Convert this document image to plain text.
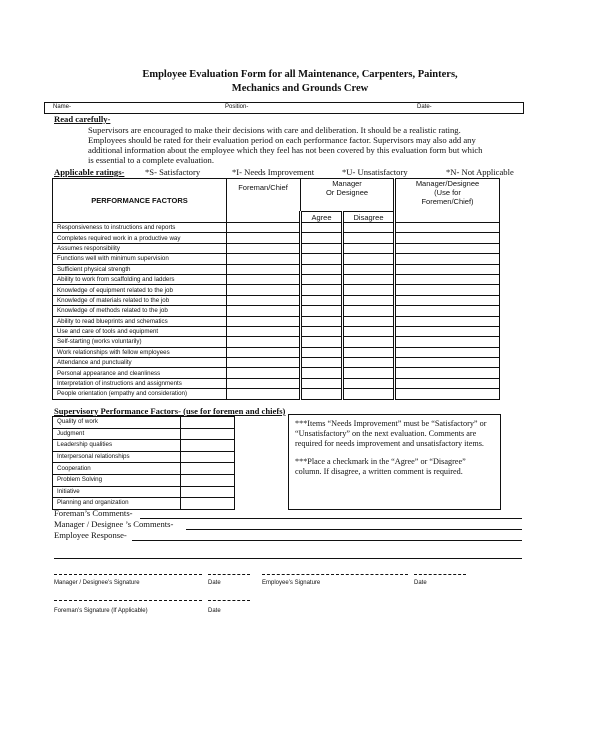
Employee Evaluation Form for all Maintenance, Carpenters, Painters,
Mechanics and Grounds Crew
Name-	Position-	Date-
Read carefully-
Supervisors are encouraged to make their decisions with care and deliberation. It should be a realistic rating.
Employees should be rated for their evaluation period on each performance factor. Supervisors may also add any
additional information about the employee which they feel has not been covered by this evaluation form but which
is essential to a complete evaluation.
Applicable ratings- *S- Satisfactory	*I- Needs Improvement	*U- Unsatisfactory	*N- Not Applicable
PERFORMANCE FACTORS	Foreman/Chief	Manager
Or Designee		Manager/Designee
(Use for
Foremen/Chief)
		Agree	Disagree	
Responsiveness to instructions and reports				
Completes required work in a productive way				
Assumes responsibility				
Functions well with minimum supervision				
Sufficient physical strength				
Ability to work from scaffolding and ladders				
Knowledge of equipment related to the job				
Knowledge of materials related to the job				
Knowledge of methods related to the job				
Ability to read blueprints and schematics				
Use and care of tools and equipment				
Self-starting (works voluntarily)				
Work relationships with fellow employees				
Attendance and punctuality				
Personal appearance and cleanliness				
Interpretation of instructions and assignments				
People orientation (empathy and consideration)				
Supervisory Performance Factors- (use for foremen and chiefs)
Quality of work	
Judgment	
Leadership qualities	
Interpersonal relationships	
Cooperation	
Problem Solving	
Initiative	
Planning and organization	
***Items “Needs Improvement” must be “Satisfactory” or “Unsatisfactory” on the next evaluation. Comments are required for needs improvement and unsatisfactory items.
***Place a checkmark in the “Agree” or “Disagree” column. If disagree, a written comment is required.
Foreman’s Comments-
Manager / Designee ’s Comments-
Employee Response-
Manager / Designee’s Signature	Date	Employee’s Signature	Date
Foreman’s Signature (If Applicable)	Date
